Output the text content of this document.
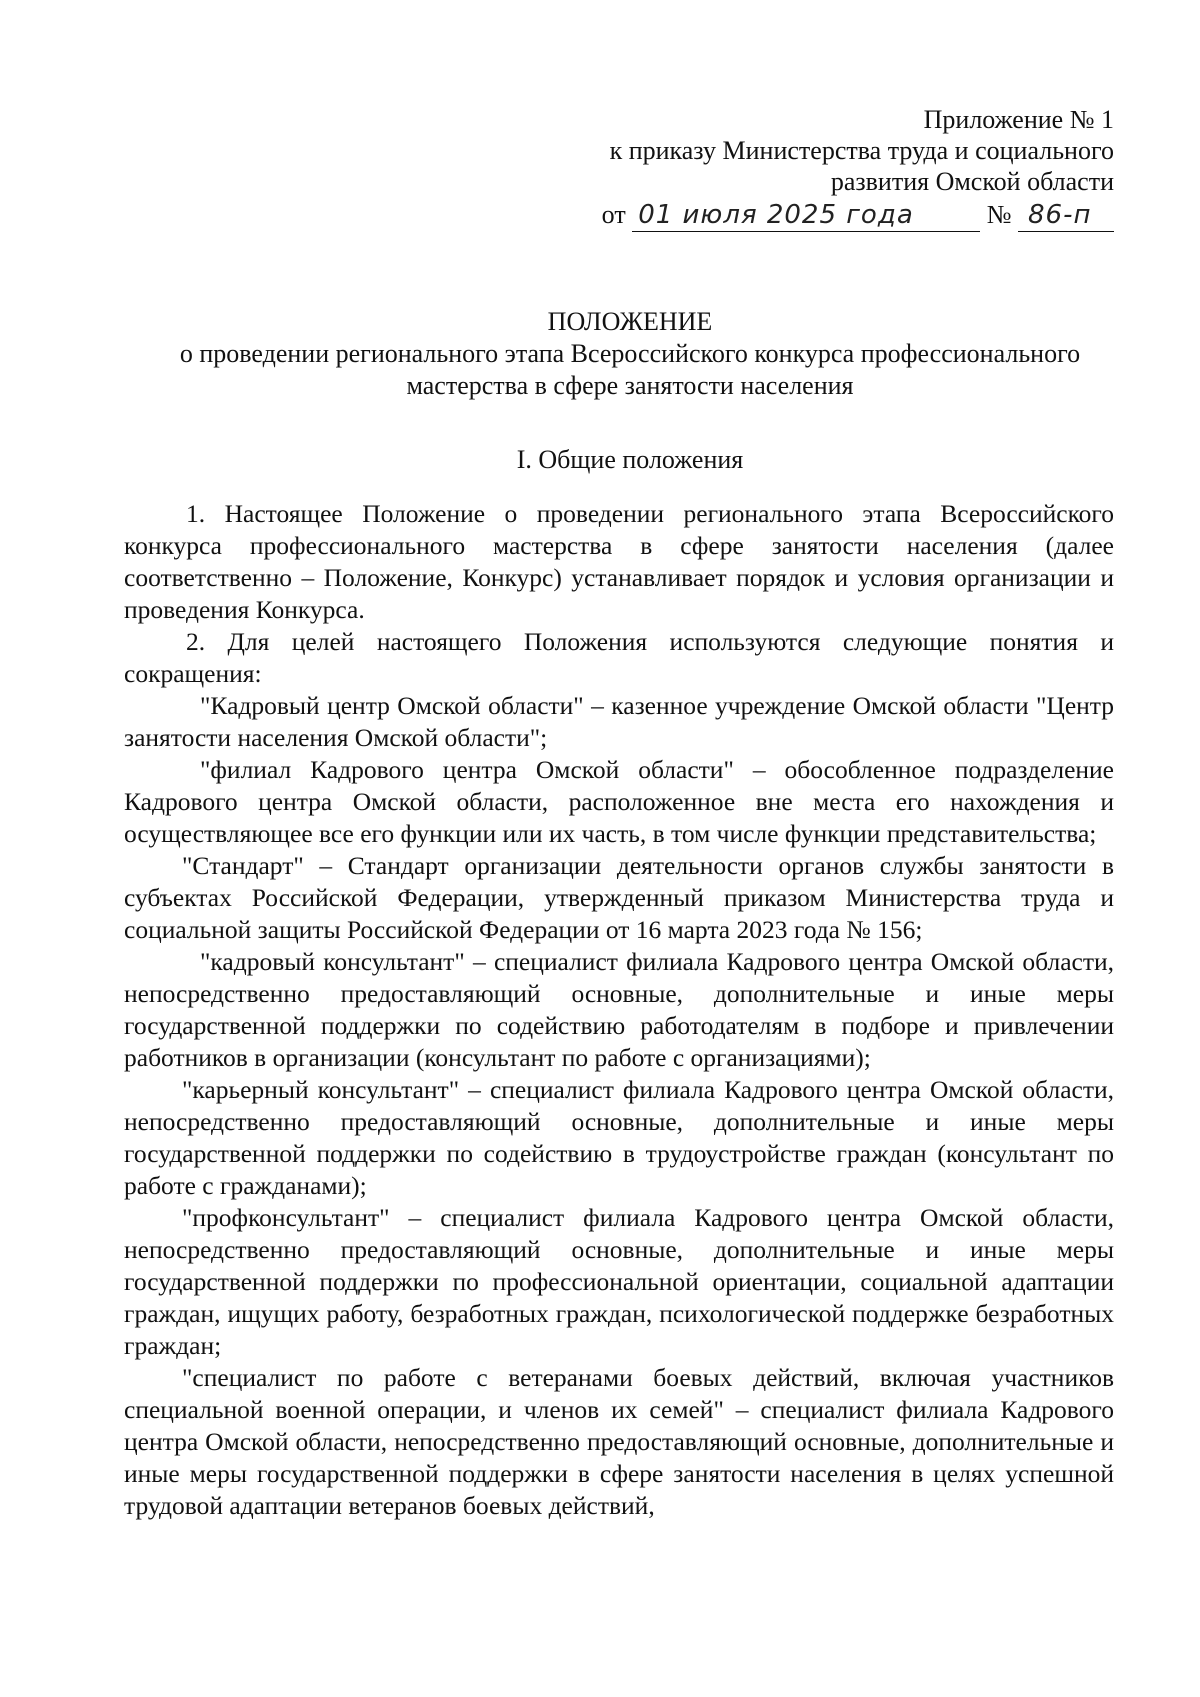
Приложение № 1
к приказу Министерства труда и социального
развития Омской области
от 01 июля 2025 года	№ 86-п
ПОЛОЖЕНИЕ
о проведении регионального этапа Всероссийского конкурса профессионального
мастерства в сфере занятости населения
I. Общие положения

1. Настоящее Положение о проведении регионального этапа Всероссийского конкурса профессионального мастерства в сфере занятости населения (далее соответственно – Положение, Конкурс) устанавливает порядок и условия организации и проведения Конкурса.

2. Для целей настоящего Положения используются следующие понятия и сокращения:

"Кадровый центр Омской области" – казенное учреждение Омской области "Центр занятости населения Омской области";

"филиал Кадрового центра Омской области" – обособленное подразделение Кадрового центра Омской области, расположенное вне места его нахождения и осуществляющее все его функции или их часть, в том числе функции представительства;

"Стандарт" – Стандарт организации деятельности органов службы занятости в субъектах Российской Федерации, утвержденный приказом Министерства труда и социальной защиты Российской Федерации от 16 марта 2023 года № 156;

"кадровый консультант" – специалист филиала Кадрового центра Омской области, непосредственно предоставляющий основные, дополнительные и иные меры государственной поддержки по содействию работодателям в подборе и привлечении работников в организации (консультант по работе с организациями);

"карьерный консультант" – специалист филиала Кадрового центра Омской области, непосредственно предоставляющий основные, дополнительные и иные меры государственной поддержки по содействию в трудоустройстве граждан (консультант по работе с гражданами);

"профконсультант" – специалист филиала Кадрового центра Омской области, непосредственно предоставляющий основные, дополнительные и иные меры государственной поддержки по профессиональной ориентации, социальной адаптации граждан, ищущих работу, безработных граждан, психологической поддержке безработных граждан;

"специалист по работе с ветеранами боевых действий, включая участников специальной военной операции, и членов их семей" – специалист филиала Кадрового центра Омской области, непосредственно предоставляющий основные, дополнительные и иные меры государственной поддержки в сфере занятости населения в целях успешной трудовой адаптации ветеранов боевых действий,
